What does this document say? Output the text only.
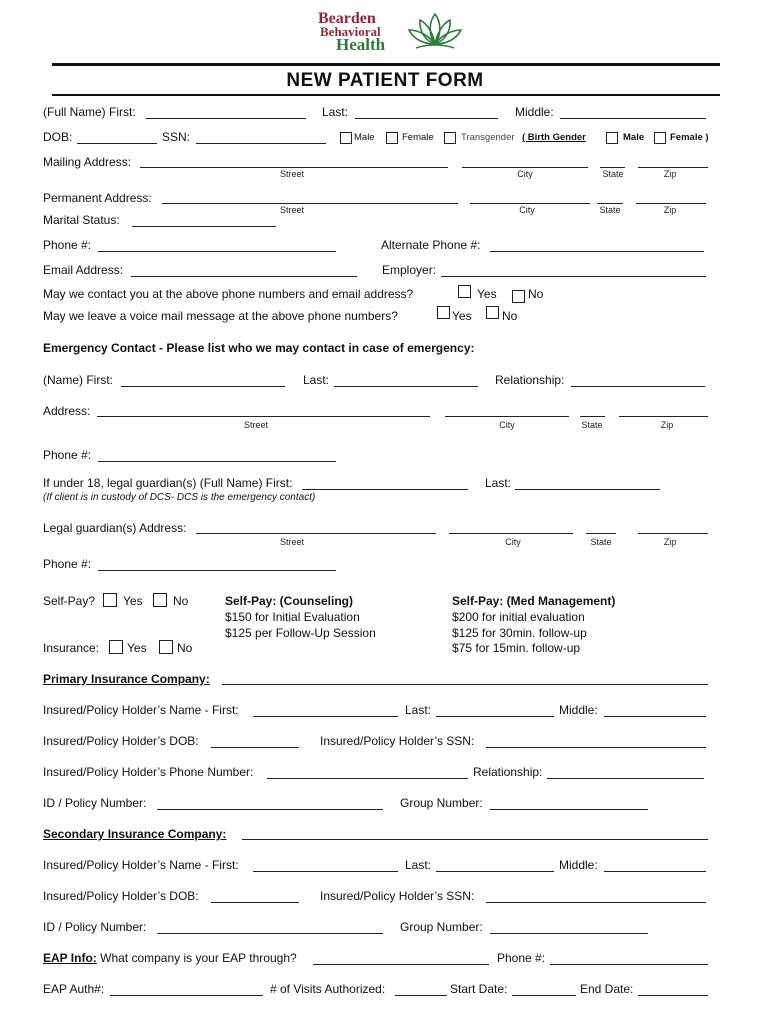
Bearden
Behavioral
Health
NEW PATIENT FORM
(Full Name) First:	Last:	Middle:
DOB:	SSN:	Male	Female	Transgender ( Birth Gender	Male	Female )
Mailing Address:
Street	City	State	Zip
Permanent Address:
Street	City	State	Zip
Marital Status:
Phone #:	Alternate Phone #:
Email Address:	Employer:
May we contact you at the above phone numbers and email address?	Yes	No
May we leave a voice mail message at the above phone numbers?	Yes	No
Emergency Contact - Please list who we may contact in case of emergency:
(Name) First:	Last:	Relationship:
Address:
Street	City	State	Zip
Phone #:
If under 18, legal guardian(s) (Full Name) First:	Last:
(If client is in custody of DCS- DCS is the emergency contact)
Legal guardian(s) Address:
Street	City	State	Zip
Phone #:
Self-Pay? Yes	No	Self-Pay: (Counseling)
$150 for Initial Evaluation
$125 per Follow-Up Session
Self-Pay: (Med Management)
$200 for initial evaluation
$125 for 30min. follow-up
$75 for 15min. follow-up
Insurance: Yes	No
Primary Insurance Company:
Insured/Policy Holder’s Name - First:	Last:	Middle:
Insured/Policy Holder’s DOB:	Insured/Policy Holder’s SSN:
Insured/Policy Holder’s Phone Number:	Relationship:
ID / Policy Number:	Group Number:
Secondary Insurance Company:
Insured/Policy Holder’s Name - First:	Last:	Middle:
Insured/Policy Holder’s DOB:	Insured/Policy Holder’s SSN:
ID / Policy Number:	Group Number:
EAP Info: What company is your EAP through?	Phone #:
EAP Auth#:	# of Visits Authorized:	Start Date:	End Date:
